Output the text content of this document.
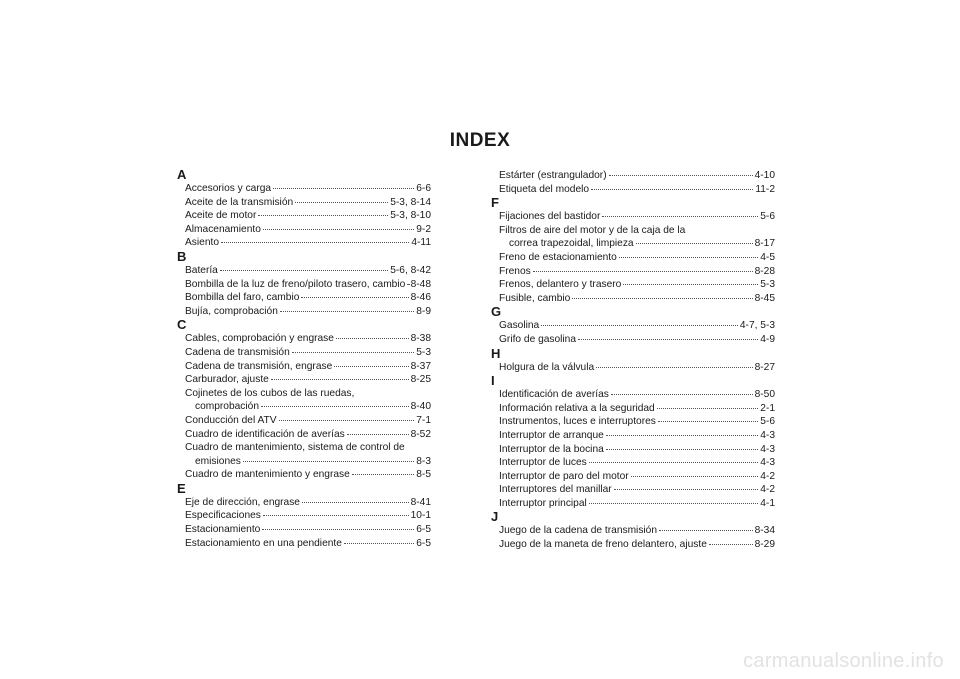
INDEX
A
Accesorios y carga	6-6
Aceite de la transmisión	5-3, 8-14
Aceite de motor	5-3, 8-10
Almacenamiento	9-2
Asiento	4-11
B
Batería	5-6, 8-42
Bombilla de la luz de freno/piloto trasero, cambio 8-48
Bombilla del faro, cambio	8-46
Bujía, comprobación	8-9
C
Cables, comprobación y engrase	8-38
Cadena de transmisión	5-3
Cadena de transmisión, engrase	8-37
Carburador, ajuste	8-25
Cojinetes de los cubos de las ruedas,
comprobación	8-40
Conducción del ATV	7-1
Cuadro de identificación de averías	8-52
Cuadro de mantenimiento, sistema de control de
emisiones	8-3
Cuadro de mantenimiento y engrase	8-5
E
Eje de dirección, engrase	8-41
Especificaciones	10-1
Estacionamiento	6-5
Estacionamiento en una pendiente	6-5
Estárter (estrangulador)	4-10
Etiqueta del modelo	11-2
F
Fijaciones del bastidor	5-6
Filtros de aire del motor y de la caja de la
correa trapezoidal, limpieza	8-17
Freno de estacionamiento	4-5
Frenos	8-28
Frenos, delantero y trasero	5-3
Fusible, cambio	8-45
G
Gasolina	4-7, 5-3
Grifo de gasolina	4-9
H
Holgura de la válvula	8-27
I
Identificación de averías	8-50
Información relativa a la seguridad	2-1
Instrumentos, luces e interruptores	5-6
Interruptor de arranque	4-3
Interruptor de la bocina	4-3
Interruptor de luces	4-3
Interruptor de paro del motor	4-2
Interruptores del manillar	4-2
Interruptor principal	4-1
J
Juego de la cadena de transmisión	8-34
Juego de la maneta de freno delantero, ajuste	8-29
carmanualsonline.info
